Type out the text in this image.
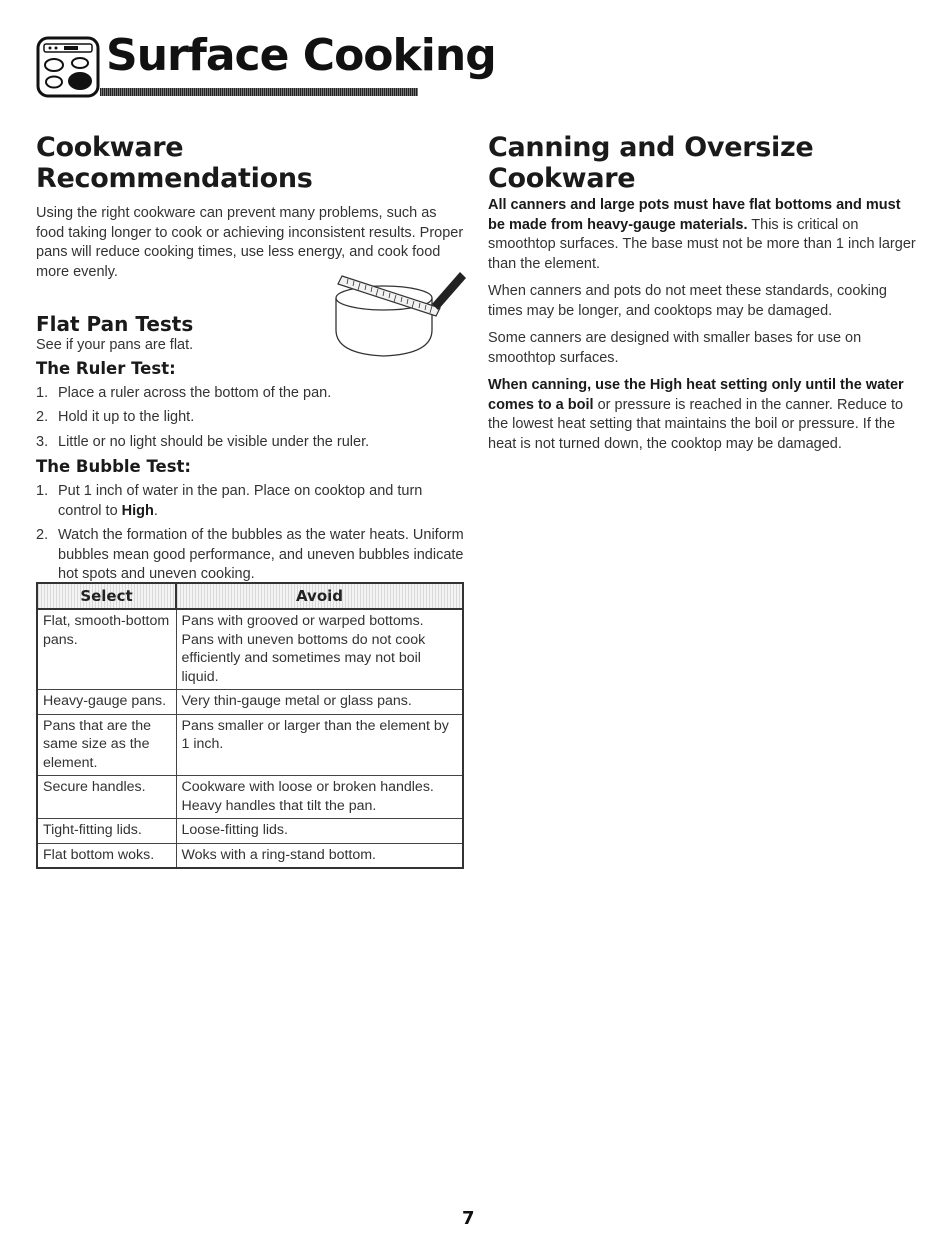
Surface Cooking
Cookware Recommendations

Using the right cookware can prevent many problems, such as food taking longer to cook or achieving inconsistent results. Proper pans will reduce cooking times, use less energy, and cook food more evenly.

Flat Pan Tests

See if your pans are flat.

The Ruler Test:
1. Place a ruler across the bottom of the pan.
2. Hold it up to the light.
3. Little or no light should be visible under the ruler.
The Bubble Test:
1. Put 1 inch of water in the pan. Place on cooktop and turn control to High.
2. Watch the formation of the bubbles as the water heats. Uniform bubbles mean good performance, and uneven bubbles indicate hot spots and uneven cooking.
Select	Avoid
Flat, smooth-bottom pans.	Pans with grooved or warped bottoms. Pans with uneven bottoms do not cook efficiently and sometimes may not boil liquid.
Heavy-gauge pans.	Very thin-gauge metal or glass pans.
Pans that are the same size as the element.	Pans smaller or larger than the element by 1 inch.
Secure handles.	Cookware with loose or broken handles. Heavy handles that tilt the pan.
Tight-fitting lids.	Loose-fitting lids.
Flat bottom woks.	Woks with a ring-stand bottom.
Canning and Oversize Cookware

All canners and large pots must have flat bottoms and must be made from heavy-gauge materials. This is critical on smoothtop surfaces. The base must not be more than 1 inch larger than the element.

When canners and pots do not meet these standards, cooking times may be longer, and cooktops may be damaged.

Some canners are designed with smaller bases for use on smoothtop surfaces.

When canning, use the High heat setting only until the water comes to a boil or pressure is reached in the canner. Reduce to the lowest heat setting that maintains the boil or pressure. If the heat is not turned down, the cooktop may be damaged.

7
